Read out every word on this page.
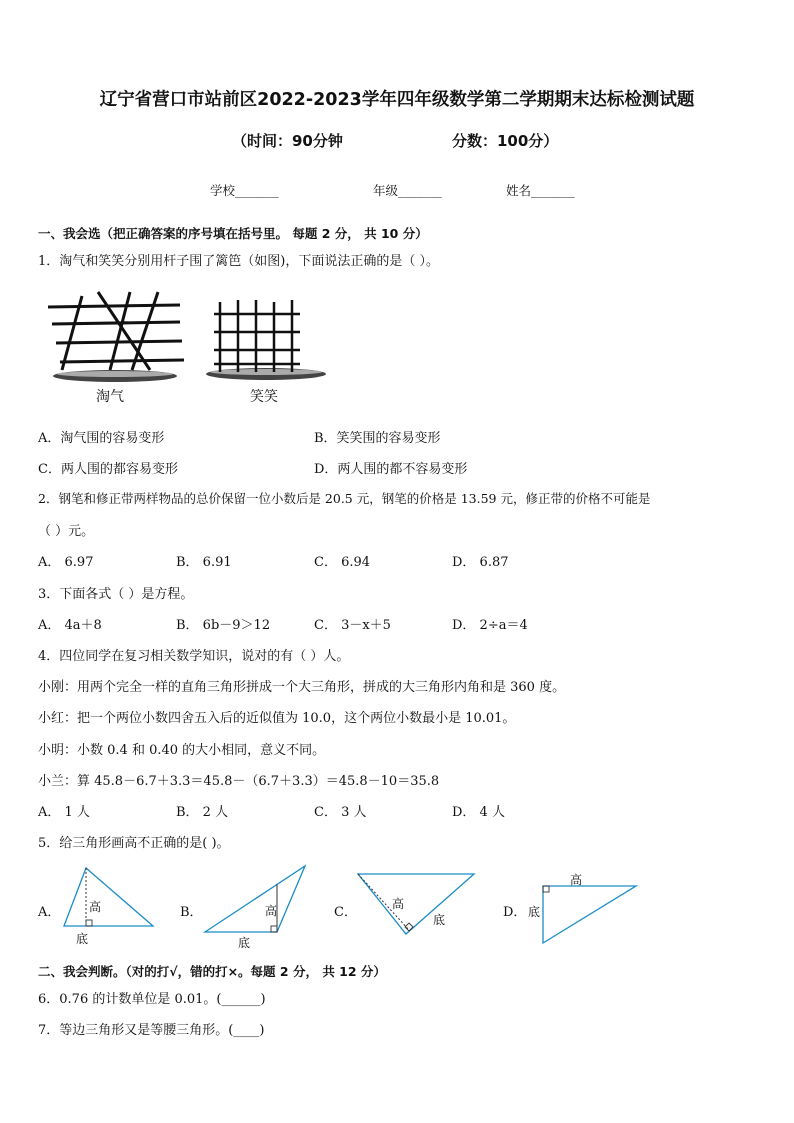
辽宁省营口市站前区2022-2023学年四年级数学第二学期期末达标检测试题
（时间：90分钟	分数：100分）
学校_______	年级_______	姓名_______
一、我会选（把正确答案的序号填在括号里。 每题 2 分， 共 10 分）
1．淘气和笑笑分别用杆子围了篱笆（如图)，下面说法正确的是（ ）。
淘气	笑笑
A．淘气围的容易变形	B．笑笑围的容易变形
C．两人围的都容易变形	D．两人围的都不容易变形
2．钢笔和修正带两样物品的总价保留一位小数后是 20.5 元，钢笔的价格是 13.59 元，修正带的价格不可能是
（ ）元。
A． 6.97	B． 6.91	C． 6.94	D． 6.87
3．下面各式（ ）是方程。
A． 4a＋8	B． 6b－9＞12	C． 3－x＋5	D． 2÷a＝4
4．四位同学在复习相关数学知识，说对的有（ ）人。
小刚：用两个完全一样的直角三角形拼成一个大三角形，拼成的大三角形内角和是 360 度。
小红：把一个两位小数四舍五入后的近似值为 10.0，这个两位小数最小是 10.01。
小明：小数 0.4 和 0.40 的大小相同，意义不同。
小兰：算 45.8－6.7＋3.3＝45.8－（6.7＋3.3）＝45.8－10＝35.8
A． 1 人	B． 2 人	C． 3 人	D． 4 人
5．给三角形画高不正确的是( )。
A． 高
底
B．	高
底
C．
高
底	D．
高
底
二、我会判断。（对的打√，错的打×。每题 2 分， 共 12 分）
6．0.76 的计数单位是 0.01。(______)
7．等边三角形又是等腰三角形。(____)
